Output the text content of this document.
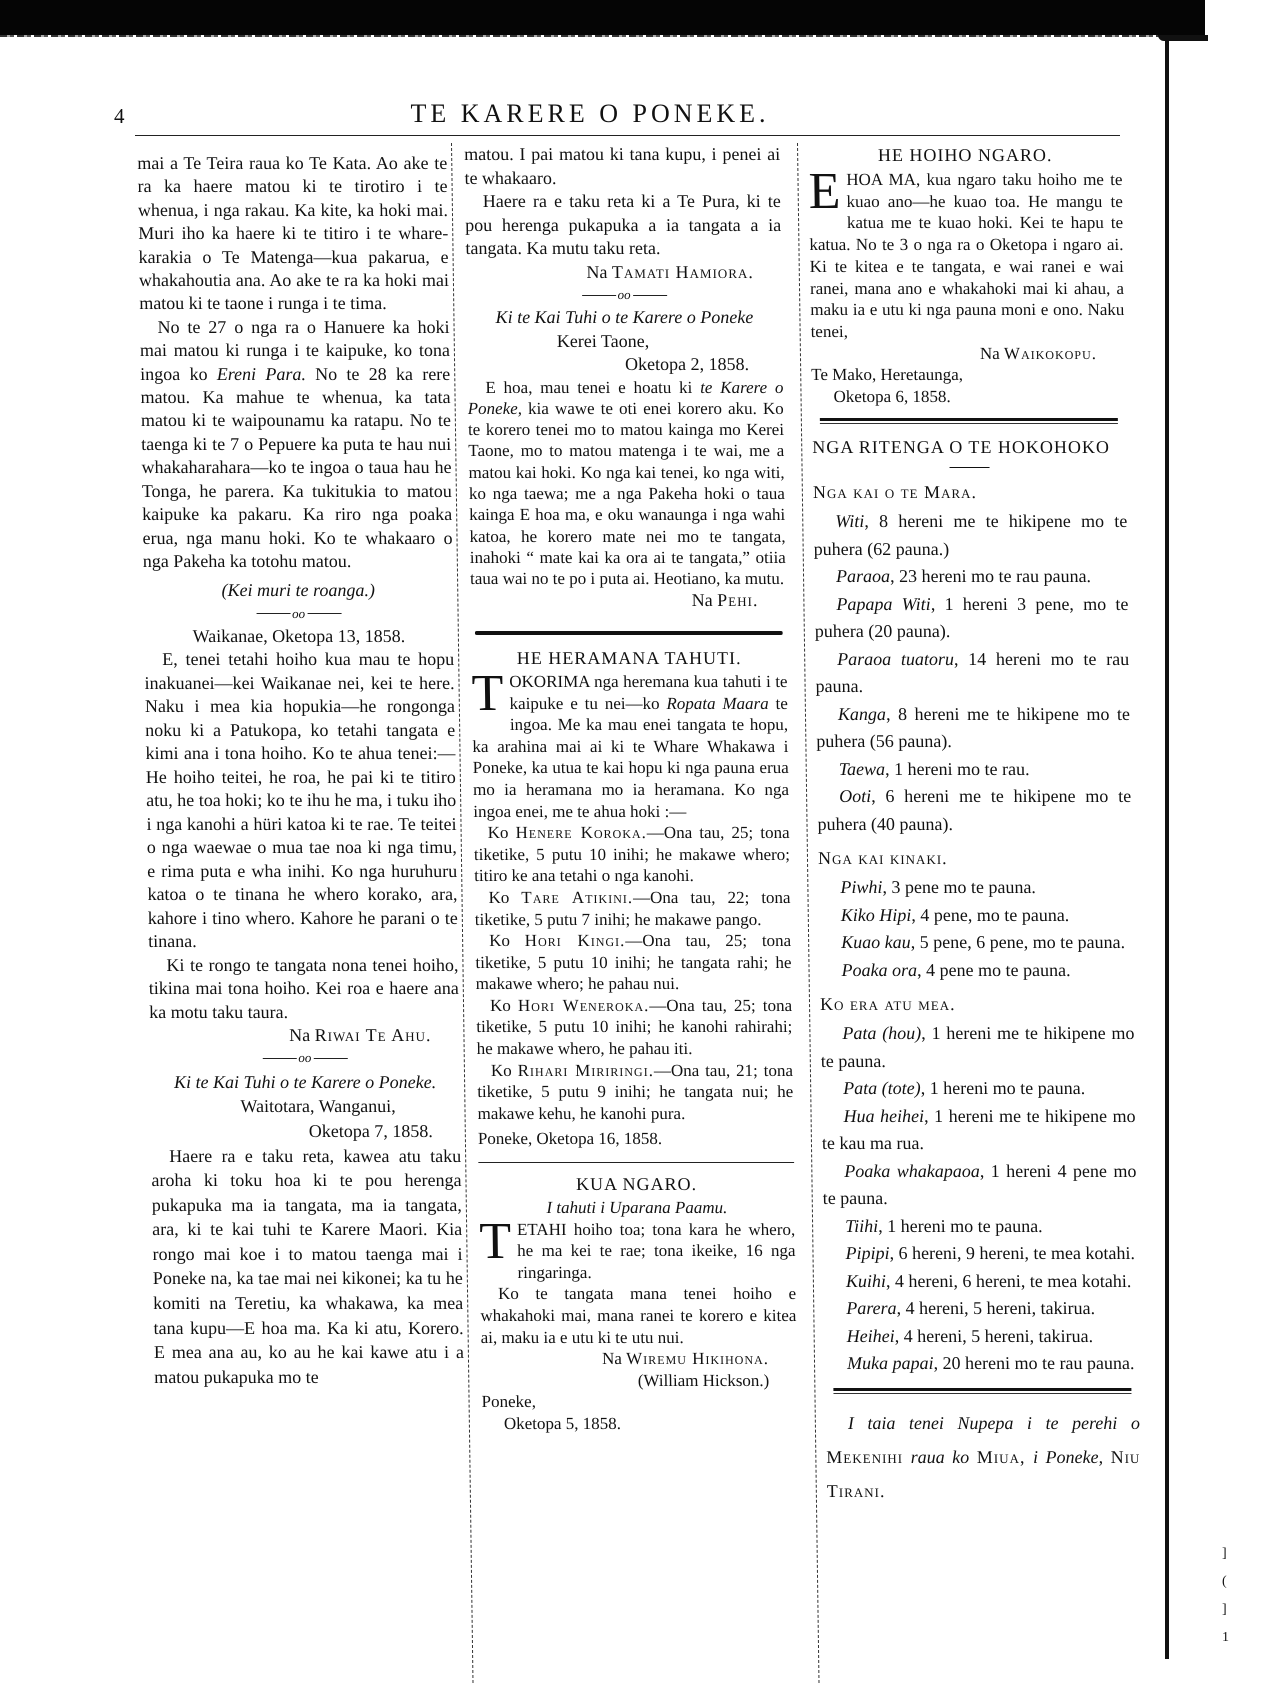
4	TE KARERE O PONEKE.
mai a Te Teira raua ko Te Kata. Ao ake te ra ka haere matou ki te tirotiro i te whenua, i nga rakau. Ka kite, ka hoki mai. Muri iho ka haere ki te titiro i te whare-karakia o Te Matenga—kua pakarua, e whakahoutia ana. Ao ake te ra ka hoki mai matou ki te taone i runga i te tima.
No te 27 o nga ra o Hanuere ka hoki mai matou ki runga i te kaipuke, ko tona ingoa ko Ereni Para. No te 28 ka rere matou. Ka mahue te whenua, ka tata matou ki te waipounamu ka ratapu. No te taenga ki te 7 o Pepuere ka puta te hau nui whakaharahara—ko te ingoa o taua hau he Tonga, he parera. Ka tukitukia to matou kaipuke ka pakaru. Ka riro nga poaka erua, nga manu hoki. Ko te whakaaro o nga Pakeha ka totohu matou.
(Kei muri te roanga.)
oo
Waikanae, Oketopa 13, 1858.
E, tenei tetahi hoiho kua mau te hopu inakuanei—kei Waikanae nei, kei te here. Naku i mea kia hopukia—he rongonga noku ki a Patukopa, ko tetahi tangata e kimi ana i tona hoiho. Ko te ahua tenei:—He hoiho teitei, he roa, he pai ki te titiro atu, he toa hoki; ko te ihu he ma, i tuku iho i nga kanohi a hüri katoa ki te rae. Te teitei o nga waewae o mua tae noa ki nga timu, e rima puta e wha inihi. Ko nga huruhuru katoa o te tinana he whero korako, ara, kahore i tino whero. Kahore he parani o te tinana.
Ki te rongo te tangata nona tenei hoiho, tikina mai tona hoiho. Kei roa e haere ana ka motu taku taura.
Na Riwai Te Ahu.
oo
Ki te Kai Tuhi o te Karere o Poneke.
Waitotara, Wanganui,
Oketopa 7, 1858.
Haere ra e taku reta, kawea atu taku aroha ki toku hoa ki te pou herenga pukapuka ma ia tangata, ma ia tangata, ara, ki te kai tuhi te Karere Maori. Kia rongo mai koe i to matou taenga mai i Poneke na, ka tae mai nei kikonei; ka tu he komiti na Teretiu, ka whakawa, ka mea tana kupu—E hoa ma. Ka ki atu, Korero. E mea ana au, ko au he kai kawe atu i a matou pukapuka mo te
matou. I pai matou ki tana kupu, i penei ai te whakaaro.
Haere ra e taku reta ki a Te Pura, ki te pou herenga pukapuka a ia tangata a ia tangata. Ka mutu taku reta.
Na Tamati Hamiora.
oo
Ki te Kai Tuhi o te Karere o Poneke
Kerei Taone,
Oketopa 2, 1858.
E hoa, mau tenei e hoatu ki te Karere o Poneke, kia wawe te oti enei korero aku. Ko te korero tenei mo to matou kainga mo Kerei Taone, mo to matou matenga i te wai, me a matou kai hoki. Ko nga kai tenei, ko nga witi, ko nga taewa; me a nga Pakeha hoki o taua kainga E hoa ma, e oku wanaunga i nga wahi katoa, he korero mate nei mo te tangata, inahoki “ mate kai ka ora ai te tangata,” otiia taua wai no te po i puta ai. Heotiano, ka mutu.
Na Pehi.
HE HERAMANA TAHUTI.
TOKORIMA nga heremana kua tahuti i te kaipuke e tu nei—ko Ropata Maara te ingoa. Me ka mau enei tangata te hopu, ka arahina mai ai ki te Whare Whakawa i Poneke, ka utua te kai hopu ki nga pauna erua mo ia heramana mo ia heramana. Ko nga ingoa enei, me te ahua hoki :—
Ko Henere Koroka.—Ona tau, 25; tona tiketike, 5 putu 10 inihi; he makawe whero; titiro ke ana tetahi o nga kanohi.
Ko Tare Atikini.—Ona tau, 22; tona tiketike, 5 putu 7 inihi; he makawe pango.
Ko Hori Kingi.—Ona tau, 25; tona tiketike, 5 putu 10 inihi; he tangata rahi; he makawe whero; he pahau nui.
Ko Hori Weneroka.—Ona tau, 25; tona tiketike, 5 putu 10 inihi; he kanohi rahirahi; he makawe whero, he pahau iti.
Ko Rihari Miriringi.—Ona tau, 21; tona tiketike, 5 putu 9 inihi; he tangata nui; he makawe kehu, he kanohi pura.
Poneke, Oketopa 16, 1858.
KUA NGARO.
I tahuti i Uparana Paamu.
TETAHI hoiho toa; tona kara he whero, he ma kei te rae; tona ikeike, 16 nga ringaringa.
Ko te tangata mana tenei hoiho e whakahoki mai, mana ranei te korero e kitea ai, maku ia e utu ki te utu nui.
Na Wiremu Hikihona.
(William Hickson.)
Poneke,
Oketopa 5, 1858.
HE HOIHO NGARO.
EHOA MA, kua ngaro taku hoiho me te kuao ano—he kuao toa. He mangu te katua me te kuao hoki. Kei te hapu te katua. No te 3 o nga ra o Oketopa i ngaro ai. Ki te kitea e te tangata, e wai ranei e wai ranei, mana ano e whakahoki mai ki ahau, a maku ia e utu ki nga pauna moni e ono. Naku tenei,
Na Waikokopu.
Te Mako, Heretaunga,
Oketopa 6, 1858.
NGA RITENGA O TE HOKOHOKO
Nga kai o te Mara.
Witi, 8 hereni me te hikipene mo te puhera (62 pauna.)
Paraoa, 23 hereni mo te rau pauna.
Papapa Witi, 1 hereni 3 pene, mo te puhera (20 pauna).
Paraoa tuatoru, 14 hereni mo te rau pauna.
Kanga, 8 hereni me te hikipene mo te puhera (56 pauna).
Taewa, 1 hereni mo te rau.
Ooti, 6 hereni me te hikipene mo te puhera (40 pauna).
Nga kai kinaki.
Piwhi, 3 pene mo te pauna.
Kiko Hipi, 4 pene, mo te pauna.
Kuao kau, 5 pene, 6 pene, mo te pauna.
Poaka ora, 4 pene mo te pauna.
Ko era atu mea.
Pata (hou), 1 hereni me te hikipene mo te pauna.
Pata (tote), 1 hereni mo te pauna.
Hua heihei, 1 hereni me te hikipene mo te kau ma rua.
Poaka whakapaoa, 1 hereni 4 pene mo te pauna.
Tiihi, 1 hereni mo te pauna.
Pipipi, 6 hereni, 9 hereni, te mea kotahi.
Kuihi, 4 hereni, 6 hereni, te mea kotahi.
Parera, 4 hereni, 5 hereni, takirua.
Heihei, 4 hereni, 5 hereni, takirua.
Muka papai, 20 hereni mo te rau pauna.
I taia tenei Nupepa i te perehi o Mekenihi raua ko Miua, i Poneke, Niu Tirani.
]
(
]
1
